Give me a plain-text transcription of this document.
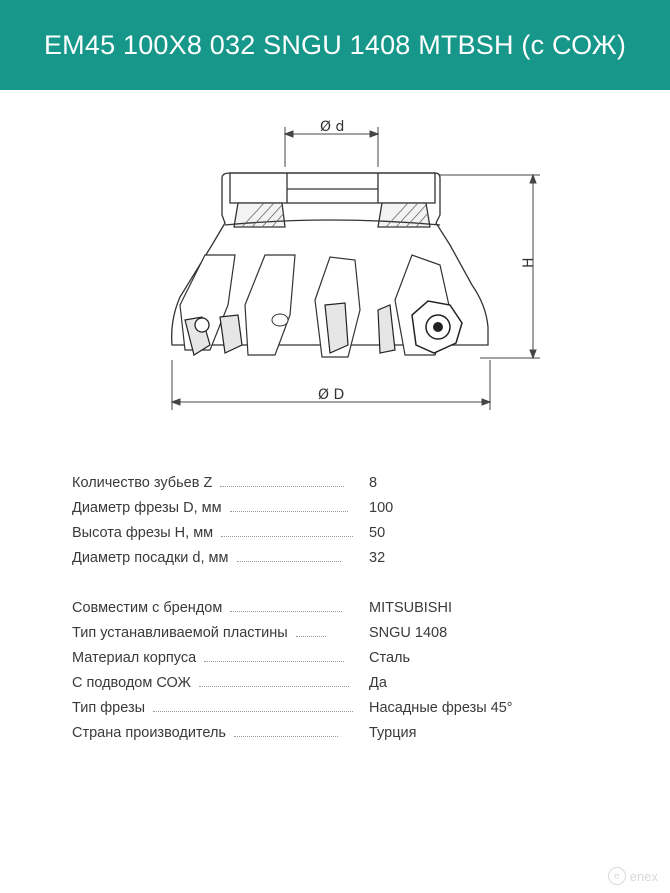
EM45 100X8 032 SNGU 1408 MTBSH (с СОЖ)
Ø d
H
Ø D
Количество зубьев Z	8
Диаметр фрезы D, мм	100
Высота фрезы H, мм	50
Диаметр посадки d, мм	32
Совместим с брендом	MITSUBISHI
Тип устанавливаемой пластины	SNGU 1408
Материал корпуса	Сталь
С подводом СОЖ	Да
Тип фрезы	Насадные фрезы 45°
Страна производитель	Турция
e enex
